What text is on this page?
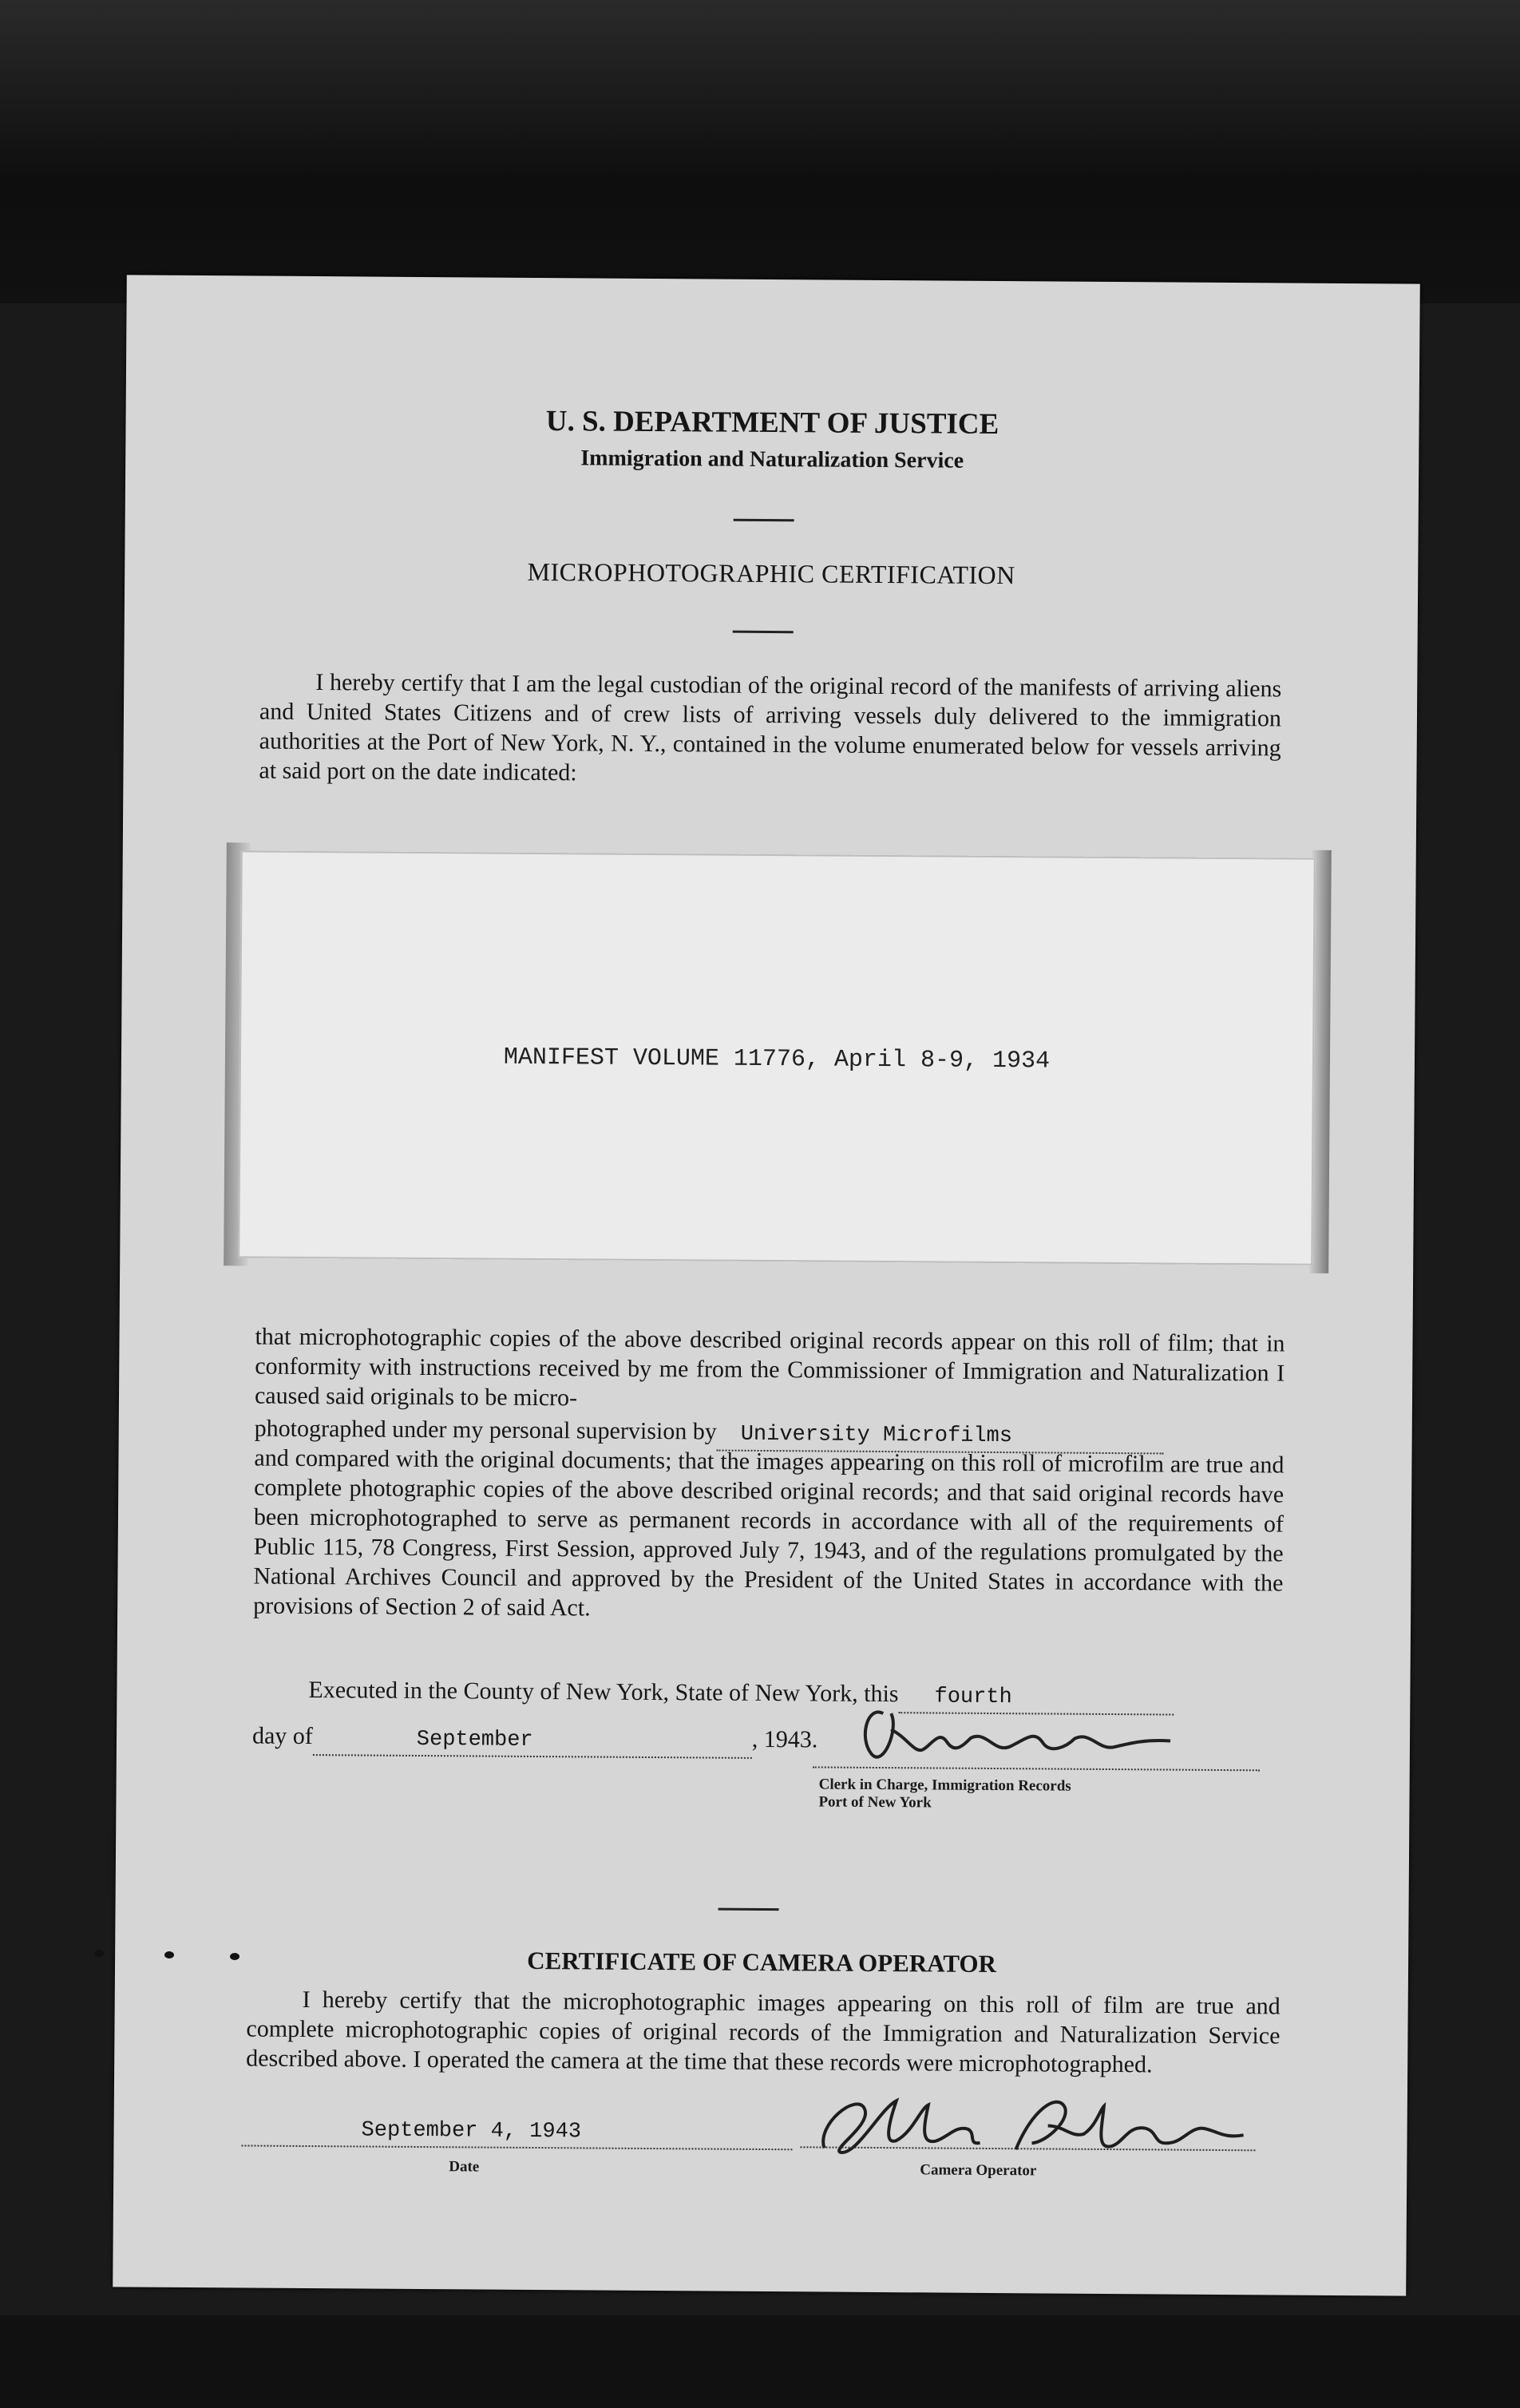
U. S. DEPARTMENT OF JUSTICE
Immigration and Naturalization Service
MICROPHOTOGRAPHIC CERTIFICATION
I hereby certify that I am the legal custodian of the original record of the manifests of arriving aliens and United States Citizens and of crew lists of arriving vessels duly delivered to the immigration authorities at the Port of New York, N. Y., contained in the volume enumerated below for vessels arriving at said port on the date indicated:
MANIFEST VOLUME 11776, April 8-9, 1934
that microphotographic copies of the above described original records appear on this roll of film; that in conformity with instructions received by me from the Commissioner of Immigration and Naturalization I caused said originals to be micro-
photographed under my personal supervision by University Microfilms
and compared with the original documents; that the images appearing on this roll of microfilm are true and complete photographic copies of the above described original records; and that said original records have been microphotographed to serve as permanent records in accordance with all of the requirements of Public 115, 78 Congress, First Session, approved July 7, 1943, and of the regulations promulgated by the National Archives Council and approved by the President of the United States in accordance with the provisions of Section 2 of said Act.
Executed in the County of New York, State of New York, this fourth
day of	September	, 1943.
Clerk in Charge, Immigration Records
Port of New York
CERTIFICATE OF CAMERA OPERATOR
I hereby certify that the microphotographic images appearing on this roll of film are true and complete microphotographic copies of original records of the Immigration and Naturalization Service described above. I operated the camera at the time that these records were microphotographed.
September 4, 1943
Date	Camera Operator
